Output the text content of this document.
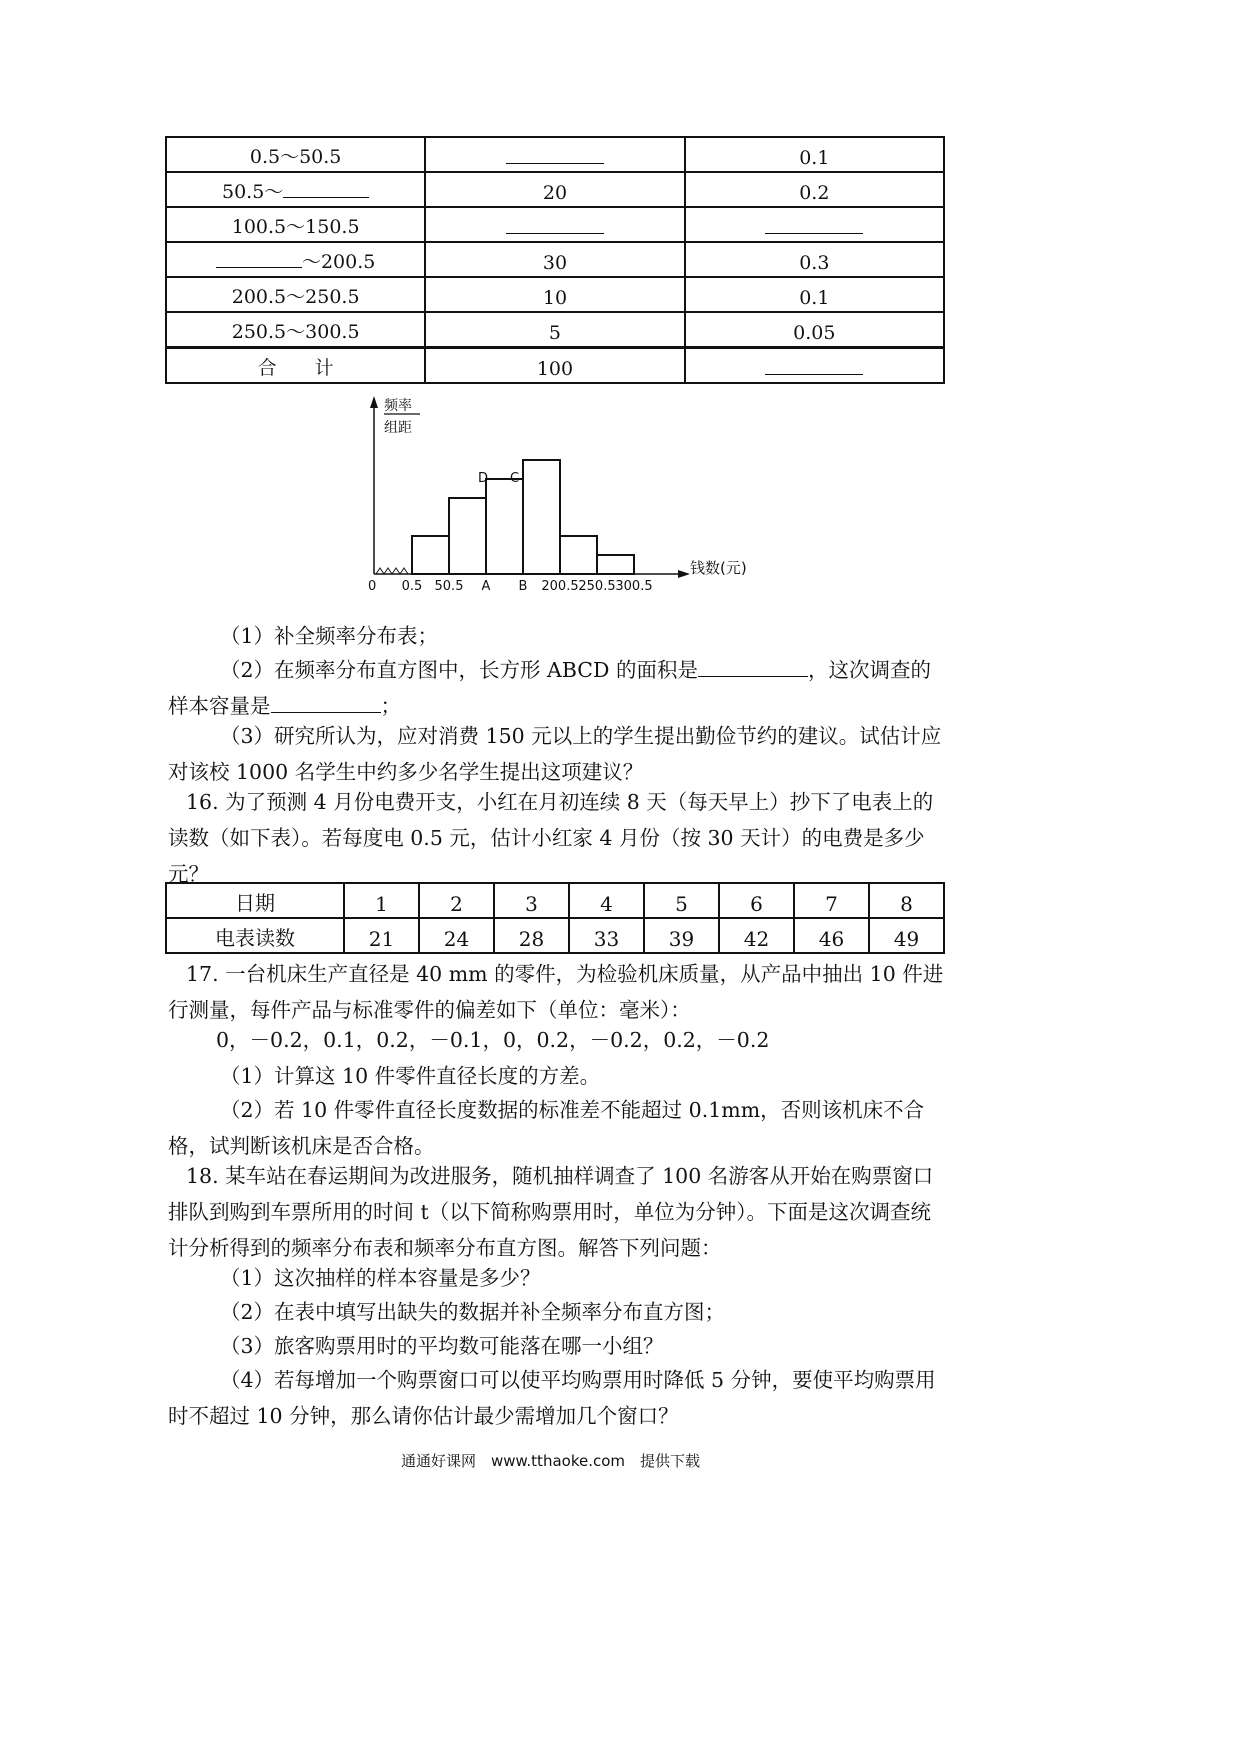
0.5～50.5		0.1
50.5～	20	0.2
100.5～150.5		
～200.5	30	0.3
200.5～250.5	10	0.1
250.5～300.5	5	0.05
合　　计	100	
频率
组距
钱数(元)
0 0.5 50.5 A B 200.5 250.5 300.5
D C

（1）补全频率分布表；

（2）在频率分布直方图中，长方形 ABCD 的面积是	，这次调查的样本容量是	；

（3）研究所认为，应对消费 150 元以上的学生提出勤俭节约的建议。试估计应对该校 1000 名学生中约多少名学生提出这项建议？

16. 为了预测 4 月份电费开支，小红在月初连续 8 天（每天早上）抄下了电表上的读数（如下表）。若每度电 0.5 元，估计小红家 4 月份（按 30 天计）的电费是多少元？

日期	1	2	3	4	5	6	7	8
电表读数	21	24	28	33	39	42	46	49

17. 一台机床生产直径是 40 mm 的零件，为检验机床质量，从产品中抽出 10 件进行测量，每件产品与标准零件的偏差如下（单位：毫米）：

0，－0.2，0.1，0.2，－0.1，0，0.2，－0.2，0.2，－0.2

（1）计算这 10 件零件直径长度的方差。

（2）若 10 件零件直径长度数据的标准差不能超过 0.1mm，否则该机床不合格，试判断该机床是否合格。

18. 某车站在春运期间为改进服务，随机抽样调查了 100 名游客从开始在购票窗口排队到购到车票所用的时间 t（以下简称购票用时，单位为分钟）。下面是这次调查统计分析得到的频率分布表和频率分布直方图。解答下列问题：

（1）这次抽样的样本容量是多少？

（2）在表中填写出缺失的数据并补全频率分布直方图；

（3）旅客购票用时的平均数可能落在哪一小组？

（4）若每增加一个购票窗口可以使平均购票用时降低 5 分钟，要使平均购票用时不超过 10 分钟，那么请你估计最少需增加几个窗口？

通通好课网　www.tthaoke.com　提供下载
